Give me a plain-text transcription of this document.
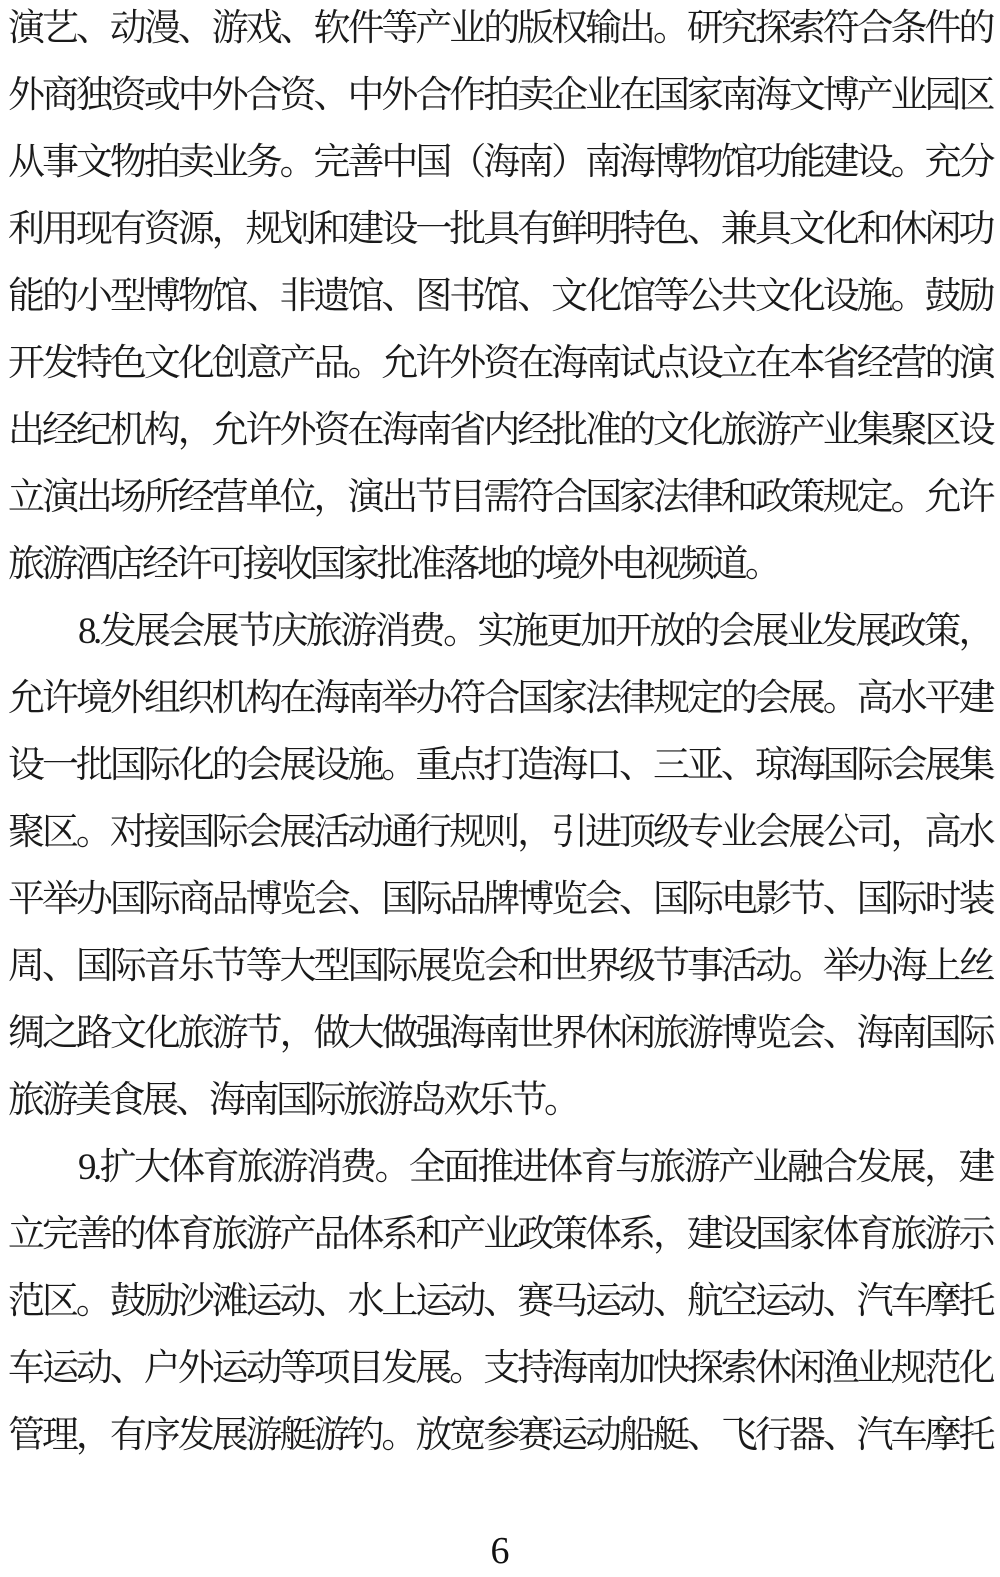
演艺、动漫、游戏、软件等产业的版权输出。研究探索符合条件的
外商独资或中外合资、中外合作拍卖企业在国家南海文博产业园区
从事文物拍卖业务。完善中国（海南）南海博物馆功能建设。充分
利用现有资源，规划和建设一批具有鲜明特色、兼具文化和休闲功
能的小型博物馆、非遗馆、图书馆、文化馆等公共文化设施。鼓励
开发特色文化创意产品。允许外资在海南试点设立在本省经营的演
出经纪机构，允许外资在海南省内经批准的文化旅游产业集聚区设
立演出场所经营单位，演出节目需符合国家法律和政策规定。允许
旅游酒店经许可接收国家批准落地的境外电视频道。
8.发展会展节庆旅游消费。实施更加开放的会展业发展政策，
允许境外组织机构在海南举办符合国家法律规定的会展。高水平建
设一批国际化的会展设施。重点打造海口、三亚、琼海国际会展集
聚区。对接国际会展活动通行规则，引进顶级专业会展公司，高水
平举办国际商品博览会、国际品牌博览会、国际电影节、国际时装
周、国际音乐节等大型国际展览会和世界级节事活动。举办海上丝
绸之路文化旅游节，做大做强海南世界休闲旅游博览会、海南国际
旅游美食展、海南国际旅游岛欢乐节。
9.扩大体育旅游消费。全面推进体育与旅游产业融合发展，建
立完善的体育旅游产品体系和产业政策体系，建设国家体育旅游示
范区。鼓励沙滩运动、水上运动、赛马运动、航空运动、汽车摩托
车运动、户外运动等项目发展。支持海南加快探索休闲渔业规范化
管理，有序发展游艇游钓。放宽参赛运动船艇、飞行器、汽车摩托
6
